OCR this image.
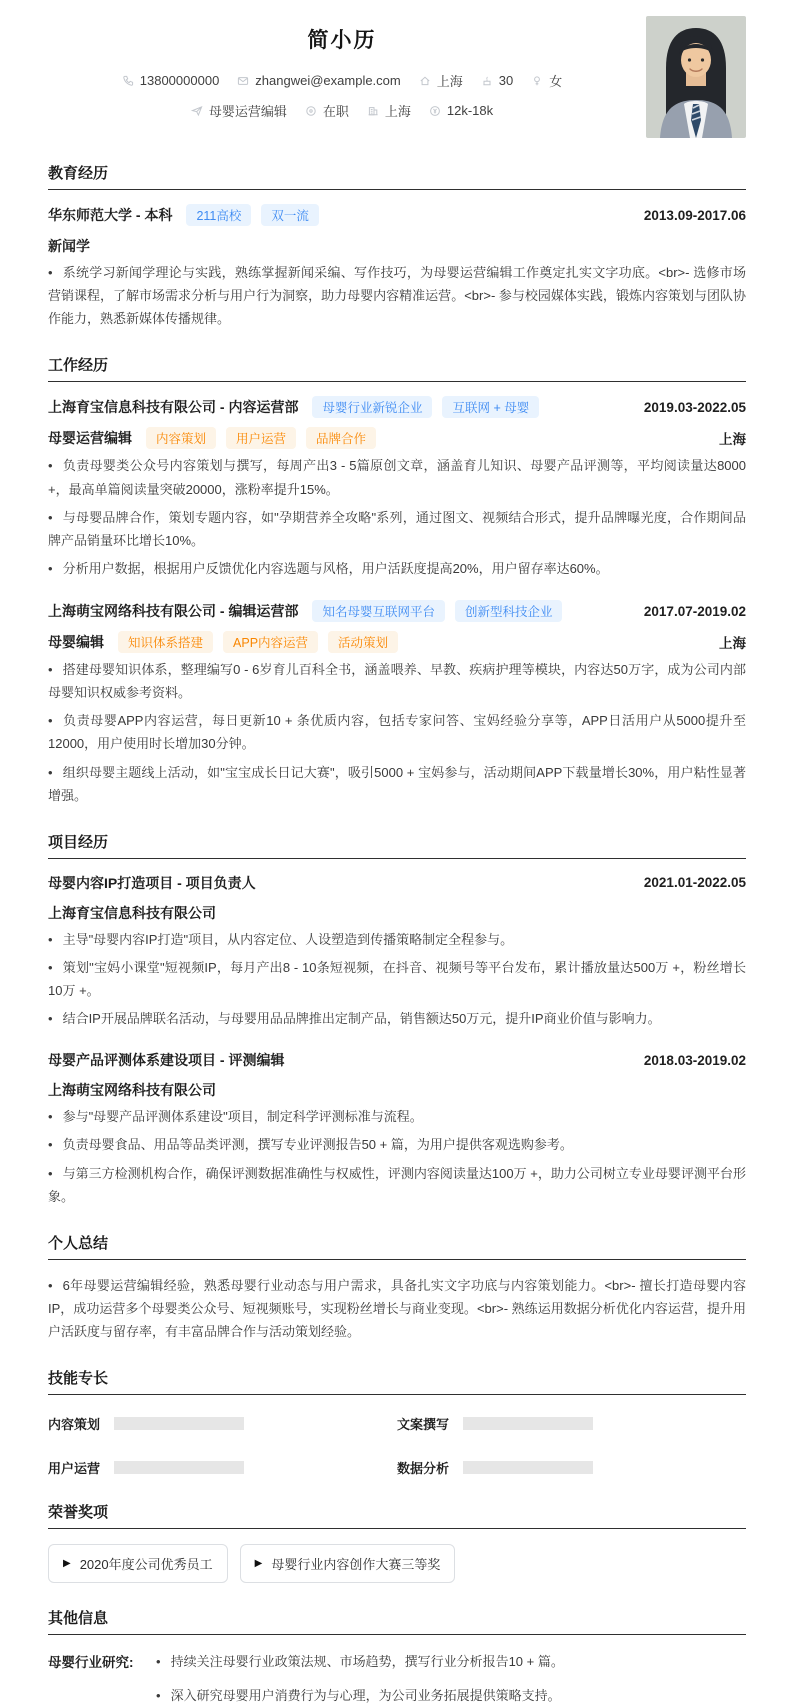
简小历
13800000000	zhangwei@example.com	上海	30	女
母婴运营编辑	在职	上海	12k-18k
教育经历
华东师范大学 - 本科	211高校	双一流	2013.09-2017.06
新闻学
• 系统学习新闻学理论与实践，熟练掌握新闻采编、写作技巧，为母婴运营编辑工作奠定扎实文字功底。<br>- 选修市场营销课程，了解市场需求分析与用户行为洞察，助力母婴内容精准运营。<br>- 参与校园媒体实践，锻炼内容策划与团队协作能力，熟悉新媒体传播规律。
工作经历
上海育宝信息科技有限公司 - 内容运营部	母婴行业新锐企业	互联网 + 母婴	2019.03-2022.05
母婴运营编辑	内容策划	用户运营	品牌合作	上海
• 负责母婴类公众号内容策划与撰写，每周产出3 - 5篇原创文章，涵盖育儿知识、母婴产品评测等，平均阅读量达8000 +，最高单篇阅读量突破20000，涨粉率提升15%。
• 与母婴品牌合作，策划专题内容，如"孕期营养全攻略"系列，通过图文、视频结合形式，提升品牌曝光度，合作期间品牌产品销量环比增长10%。
• 分析用户数据，根据用户反馈优化内容选题与风格，用户活跃度提高20%，用户留存率达60%。
上海萌宝网络科技有限公司 - 编辑运营部	知名母婴互联网平台	创新型科技企业	2017.07-2019.02
母婴编辑	知识体系搭建	APP内容运营	活动策划	上海
• 搭建母婴知识体系，整理编写0 - 6岁育儿百科全书，涵盖喂养、早教、疾病护理等模块，内容达50万字，成为公司内部母婴知识权威参考资料。
• 负责母婴APP内容运营，每日更新10 + 条优质内容，包括专家问答、宝妈经验分享等，APP日活用户从5000提升至12000，用户使用时长增加30分钟。
• 组织母婴主题线上活动，如"宝宝成长日记大赛"，吸引5000 + 宝妈参与，活动期间APP下载量增长30%，用户粘性显著增强。
项目经历
母婴内容IP打造项目 - 项目负责人	2021.01-2022.05
上海育宝信息科技有限公司
• 主导"母婴内容IP打造"项目，从内容定位、人设塑造到传播策略制定全程参与。
• 策划"宝妈小课堂"短视频IP，每月产出8 - 10条短视频，在抖音、视频号等平台发布，累计播放量达500万 +，粉丝增长10万 +。
• 结合IP开展品牌联名活动，与母婴用品品牌推出定制产品，销售额达50万元，提升IP商业价值与影响力。
母婴产品评测体系建设项目 - 评测编辑	2018.03-2019.02
上海萌宝网络科技有限公司
• 参与"母婴产品评测体系建设"项目，制定科学评测标准与流程。
• 负责母婴食品、用品等品类评测，撰写专业评测报告50 + 篇，为用户提供客观选购参考。
• 与第三方检测机构合作，确保评测数据准确性与权威性，评测内容阅读量达100万 +，助力公司树立专业母婴评测平台形象。
个人总结
• 6年母婴运营编辑经验，熟悉母婴行业动态与用户需求，具备扎实文字功底与内容策划能力。<br>- 擅长打造母婴内容IP，成功运营多个母婴类公众号、短视频账号，实现粉丝增长与商业变现。<br>- 熟练运用数据分析优化内容运营，提升用户活跃度与留存率，有丰富品牌合作与活动策划经验。
技能专长
内容策划	文案撰写
用户运营	数据分析
荣誉奖项
▶ 2020年度公司优秀员工	▶ 母婴行业内容创作大赛三等奖
其他信息
母婴行业研究:	• 持续关注母婴行业政策法规、市场趋势，撰写行业分析报告10 + 篇。
• 深入研究母婴用户消费行为与心理，为公司业务拓展提供策略支持。
